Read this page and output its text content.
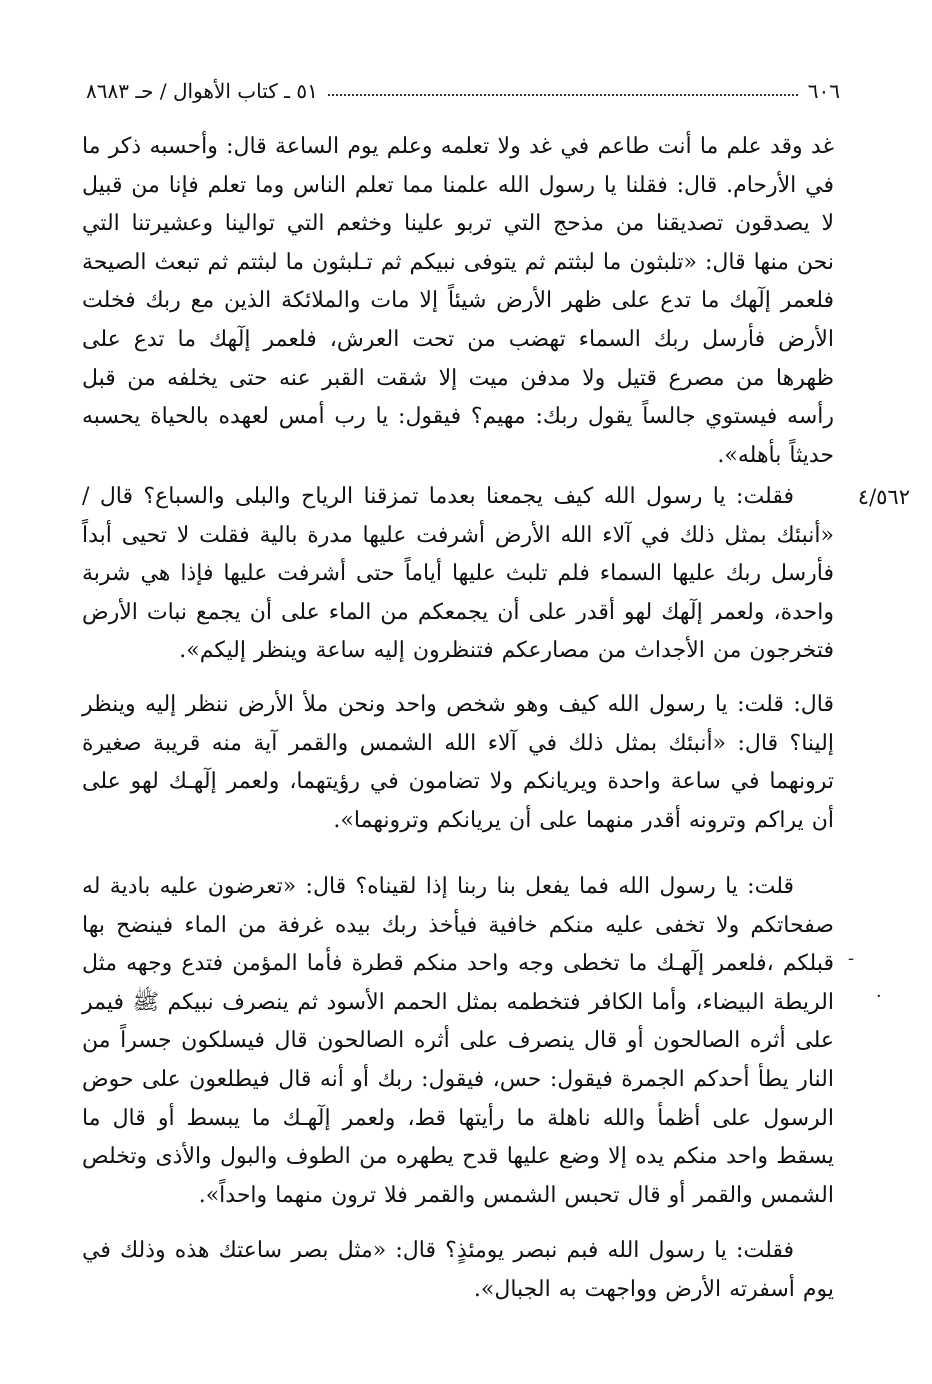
٦٠٦
٥١ ـ كتاب الأهوال / حـ ٨٦٨٣

غد وقد علم ما أنت طاعم في غد ولا تعلمه وعلم يوم الساعة قال: وأحسبه ذكر ما في الأرحام. قال: فقلنا يا رسول الله علمنا مما تعلم الناس وما تعلم فإنا من قبيل لا يصدقون تصديقنا من مذحج التي تربو علينا وخثعم التي توالينا وعشيرتنا التي نحن منها قال: «تلبثون ما لبثتم ثم يتوفى نبيكم ثم تـلبثون ما لبثتم ثم تبعث الصيحة فلعمر إلٓهك ما تدع على ظهر الأرض شيئاً إلا مات والملائكة الذين مع ربك فخلت الأرض فأرسل ربك السماء تهضب من تحت العرش، فلعمر إلٓهك ما تدع على ظهرها من مصرع قتيل ولا مدفن ميت إلا شقت القبر عنه حتى يخلفه من قبل رأسه فيستوي جالساً يقول ربك: مهيم؟ فيقول: يا رب أمس لعهده بالحياة يحسبه حديثاً بأهله».

٤/٥٦٢

فقلت: يا رسول الله كيف يجمعنا بعدما تمزقنا الرياح والبلى والسباع؟ قال / «أنبئك بمثل ذلك في آلاء الله الأرض أشرفت عليها مدرة بالية فقلت لا تحيى أبداً فأرسل ربك عليها السماء فلم تلبث عليها أياماً حتى أشرفت عليها فإذا هي شربة واحدة، ولعمر إلٓهك لهو أقدر على أن يجمعكم من الماء على أن يجمع نبات الأرض فتخرجون من الأجداث من مصارعكم فتنظرون إليه ساعة وينظر إليكم».

قال: قلت: يا رسول الله كيف وهو شخص واحد ونحن ملأ الأرض ننظر إليه وينظر إلينا؟ قال: «أنبئك بمثل ذلك في آلاء الله الشمس والقمر آية منه قريبة صغيرة ترونهما في ساعة واحدة ويريانكم ولا تضامون في رؤيتهما، ولعمر إلٓهـك لهو على أن يراكم وترونه أقدر منهما على أن يريانكم وترونهما».

قلت: يا رسول الله فما يفعل بنا ربنا إذا لقيناه؟ قال: «تعرضون عليه بادية له صفحاتكم ولا تخفى عليه منكم خافية فيأخذ ربك بيده غرفة من الماء فينضح بها قبلكم ،فلعمر إلٓهـك ما تخطى وجه واحد منكم قطرة فأما المؤمن فتدع وجهه مثل الريطة البيضاء، وأما الكافر فتخطمه بمثل الحمم الأسود ثم ينصرف نبيكم ﷺ فيمر على أثره الصالحون أو قال ينصرف على أثره الصالحون قال فيسلكون جسراً من النار يطأ أحدكم الجمرة فيقول: حس، فيقول: ربك أو أنه قال فيطلعون على حوض الرسول على أظمأ والله ناهلة ما رأيتها قط، ولعمر إلٓهـك ما يبسط أو قال ما يسقط واحد منكم يده إلا وضع عليها قدح يطهره من الطوف والبول والأذى وتخلص الشمس والقمر أو قال تحبس الشمس والقمر فلا ترون منهما واحداً».

فقلت: يا رسول الله فبم نبصر يومئذٍ؟ قال: «مثل بصر ساعتك هذه وذلك في يوم أسفرته الأرض وواجهت به الجبال».

-
·
